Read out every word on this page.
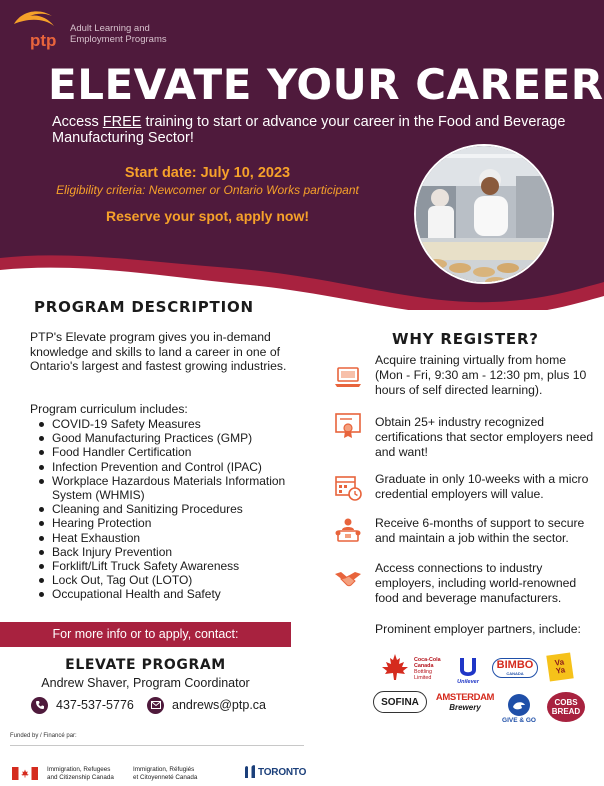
ptp
Adult Learning and
Employment Programs
ELEVATE YOUR CAREER

Access FREE training to start or advance your career in the Food and Beverage Manufacturing Sector!

Start date: July 10, 2023
Eligibility criteria: Newcomer or Ontario Works participant
Reserve your spot, apply now!
PROGRAM DESCRIPTION

PTP's Elevate program gives you in-demand knowledge and skills to land a career in one of Ontario's largest and fastest growing industries.

Program curriculum includes:
COVID-19 Safety Measures
Good Manufacturing Practices (GMP)
Food Handler Certification
Infection Prevention and Control (IPAC)
Workplace Hazardous Materials Information System (WHMIS)
Cleaning and Sanitizing Procedures
Hearing Protection
Heat Exhaustion
Back Injury Prevention
Forklift/Lift Truck Safety Awareness
Lock Out, Tag Out (LOTO)
Occupational Health and Safety
For more info or to apply, contact:
ELEVATE PROGRAM
Andrew Shaver, Program Coordinator
437-537-5776	andrews@ptp.ca
Funded by / Financé par:
Immigration, Refugees
and Citizenship Canada
Immigration, Réfugiés
et Citoyenneté Canada	TORONTO
WHY REGISTER?

Acquire training virtually from home (Mon - Fri, 9:30 am - 12:30 pm, plus 10 hours of self directed learning).

Obtain 25+ industry recognized certifications that sector employers need and want!

Graduate in only 10-weeks with a micro credential employers will value.

Receive 6-months of support to secure and maintain a job within the sector.

Access connections to industry employers, including world-renowned food and beverage manufacturers.

Prominent employer partners, include:
Coca-Cola
Canada
Bottling
Limited
Unilever
BIMBO
CANADA
Va Ya
SOFINA AMSTERDAM
Brewery
GIVE & GO
COBS
BREAD
